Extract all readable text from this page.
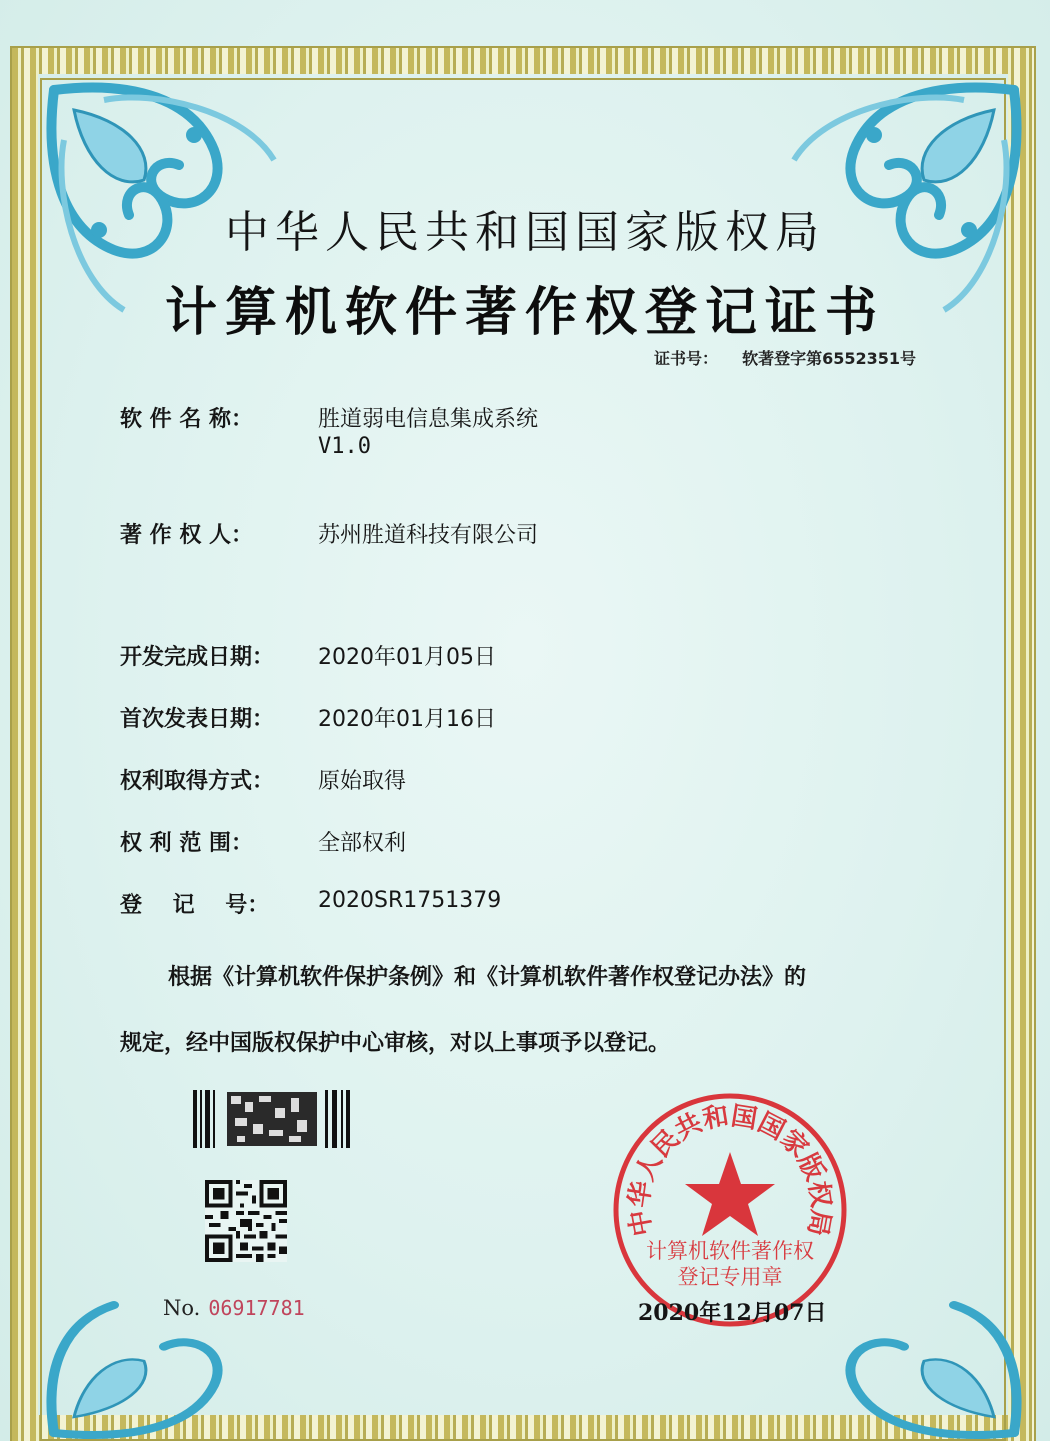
中华人民共和国国家版权局
计算机软件著作权登记证书
证书号： 软著登字第6552351号
软 件 名 称：	胜道弱电信息集成系统
V1.0
著 作 权 人：	苏州胜道科技有限公司
开发完成日期：	2020年01月05日
首次发表日期：	2020年01月16日
权利取得方式：	原始取得
权 利 范 围：	全部权利
登    记    号：	2020SR1751379
根据《计算机软件保护条例》和《计算机软件著作权登记办法》的
规定，经中国版权保护中心审核，对以上事项予以登记。
No. 06917781
中华人民共和国国家版权局
计算机软件著作权
登记专用章
2020年12月07日
